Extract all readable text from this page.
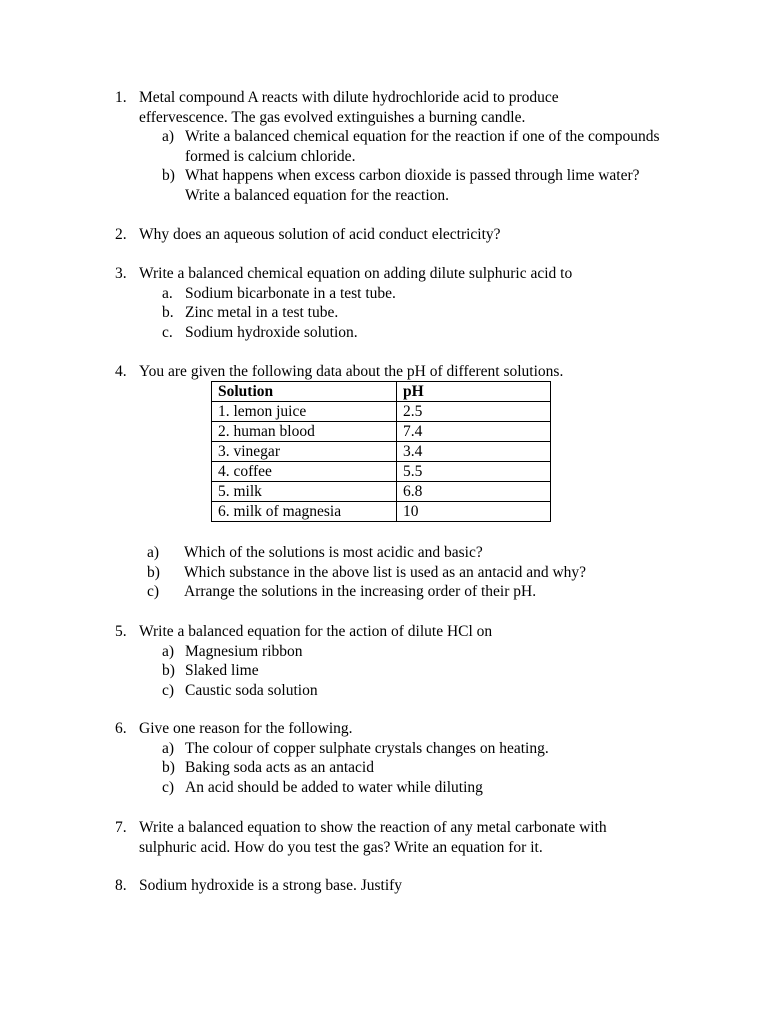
1. Metal compound A reacts with dilute hydrochloride acid to produce effervescence. The gas evolved extinguishes a burning candle.
a) Write a balanced chemical equation for the reaction if one of the compounds formed is calcium chloride.
b) What happens when excess carbon dioxide is passed through lime water? Write a balanced equation for the reaction.
2. Why does an aqueous solution of acid conduct electricity?
3. Write a balanced chemical equation on adding dilute sulphuric acid to
a. Sodium bicarbonate in a test tube.
b. Zinc metal in a test tube.
c. Sodium hydroxide solution.
4. You are given the following data about the pH of different solutions.
Solution	pH
1. lemon juice	2.5
2. human blood	7.4
3. vinegar	3.4
4. coffee	5.5
5. milk	6.8
6. milk of magnesia	10
a) Which of the solutions is most acidic and basic?
b) Which substance in the above list is used as an antacid and why?
c) Arrange the solutions in the increasing order of their pH.
5. Write a balanced equation for the action of dilute HCl on
a) Magnesium ribbon
b) Slaked lime
c) Caustic soda solution
6. Give one reason for the following.
a) The colour of copper sulphate crystals changes on heating.
b) Baking soda acts as an antacid
c) An acid should be added to water while diluting
7. Write a balanced equation to show the reaction of any metal carbonate with sulphuric acid. How do you test the gas? Write an equation for it.
8. Sodium hydroxide is a strong base. Justify
